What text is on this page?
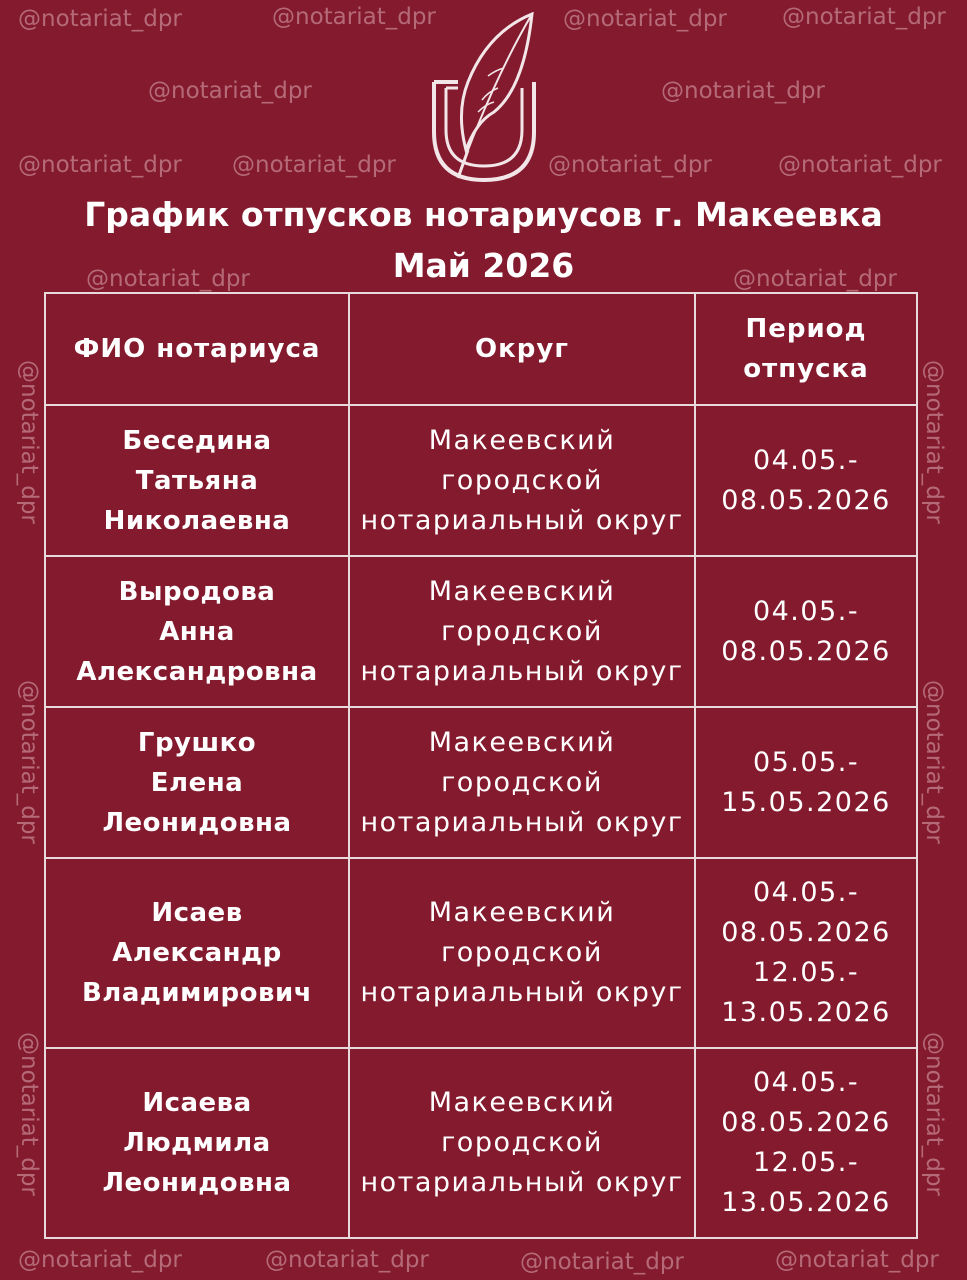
@notariat_dpr	@notariat_dpr	@notariat_dpr @notariat_dpr
@notariat_dpr	@notariat_dpr
@notariat_dpr @notariat_dpr	@notariat_dpr	@notariat_dpr
@notariat_dpr	@notariat_dpr
@notariat_dpr	@notariat_dpr	@notariat_dpr	@notariat_dpr
@notariat_dpr
@notariat_dpr
@notariat_dpr
@notariat_dpr
@notariat_dpr
@notariat_dpr
График отпусков нотариусов г. Макеевка
Май 2026
ФИО нотариуса	Округ	Период
отпуска

Беседина
Татьяна
Николаевна	Макеевский
городской
нотариальный округ	04.05.-
08.05.2026

Выродова
Анна
Александровна	Макеевский
городской
нотариальный округ	04.05.-
08.05.2026

Грушко
Елена
Леонидовна	Макеевский
городской
нотариальный округ	05.05.-
15.05.2026

Исаев
Александр
Владимирович	Макеевский
городской
нотариальный округ	04.05.-
08.05.2026
12.05.-
13.05.2026

Исаева
Людмила
Леонидовна	Макеевский
городской
нотариальный округ	04.05.-
08.05.2026
12.05.-
13.05.2026
